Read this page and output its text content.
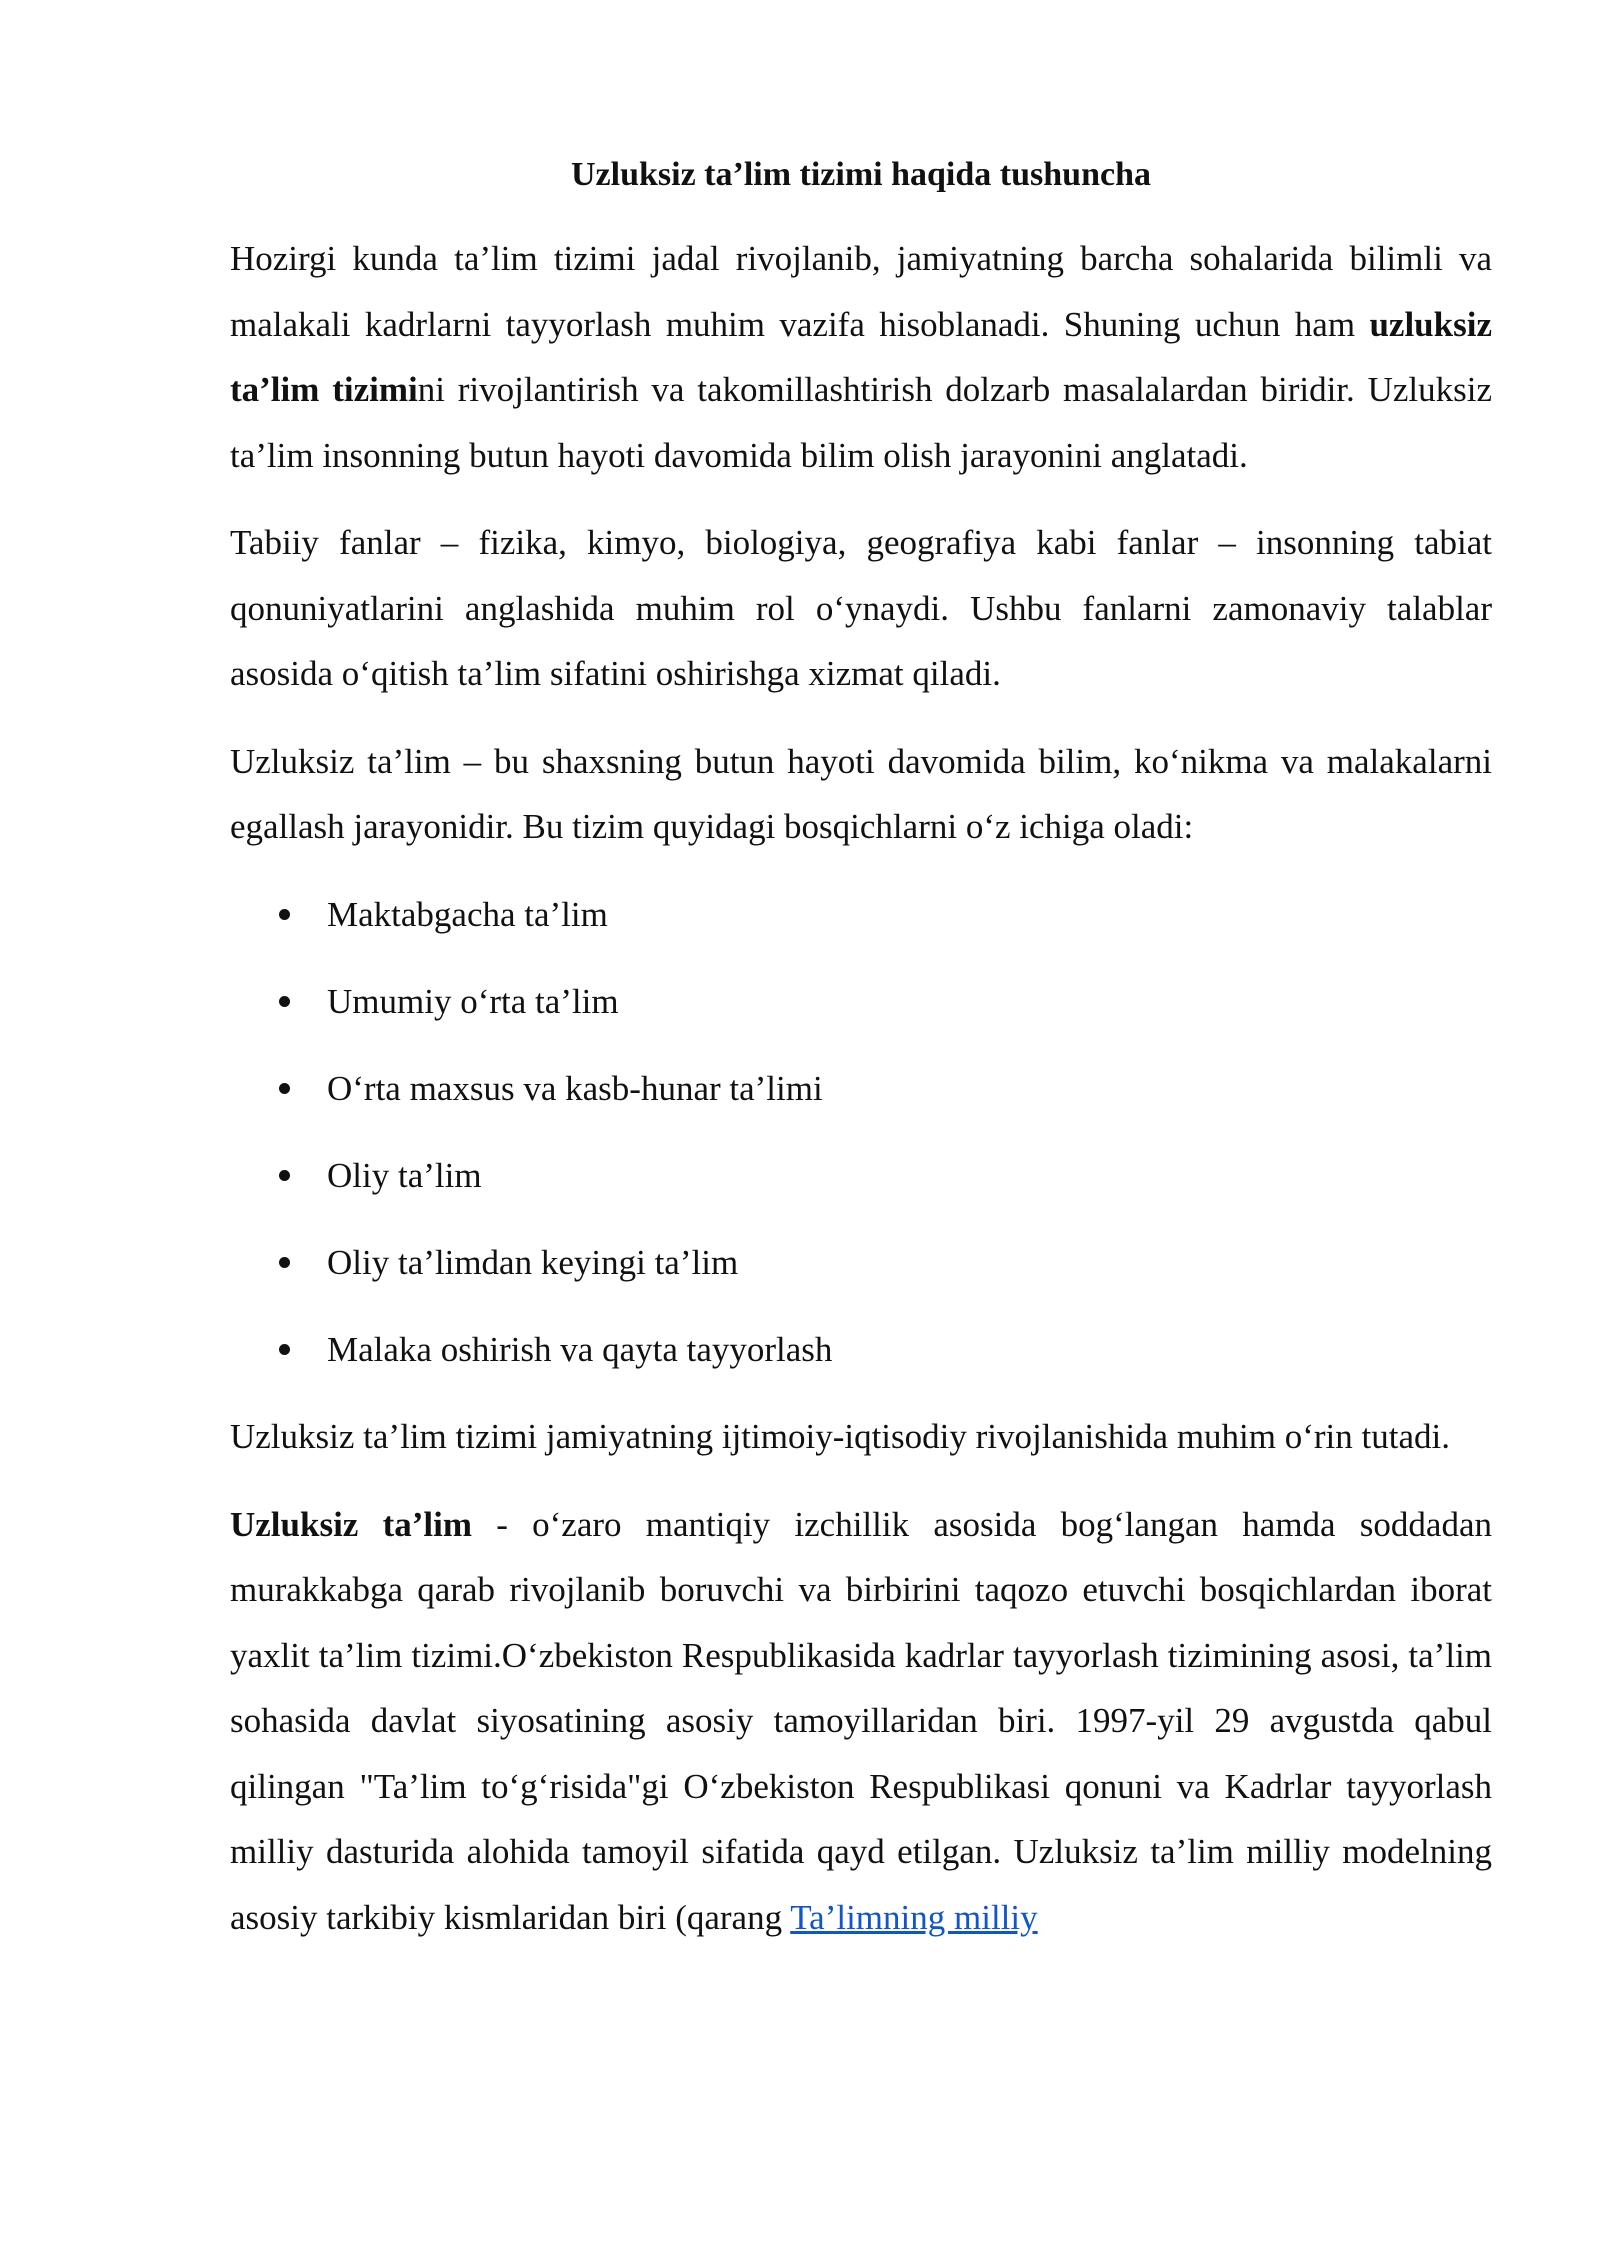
Uzluksiz ta’lim tizimi haqida tushuncha

Hozirgi kunda ta’lim tizimi jadal rivojlanib, jamiyatning barcha sohalarida bilimli va malakali kadrlarni tayyorlash muhim vazifa hisoblanadi. Shuning uchun ham uzluksiz ta’lim tizimini rivojlantirish va takomillashtirish dolzarb masalalardan biridir. Uzluksiz ta’lim insonning butun hayoti davomida bilim olish jarayonini anglatadi.

Tabiiy fanlar – fizika, kimyo, biologiya, geografiya kabi fanlar – insonning tabiat qonuniyatlarini anglashida muhim rol o‘ynaydi. Ushbu fanlarni zamonaviy talablar asosida o‘qitish ta’lim sifatini oshirishga xizmat qiladi.

Uzluksiz ta’lim – bu shaxsning butun hayoti davomida bilim, ko‘nikma va malakalarni egallash jarayonidir. Bu tizim quyidagi bosqichlarni o‘z ichiga oladi:

Maktabgacha ta’lim
Umumiy o‘rta ta’lim
O‘rta maxsus va kasb-hunar ta’limi
Oliy ta’lim
Oliy ta’limdan keyingi ta’lim
Malaka oshirish va qayta tayyorlash

Uzluksiz ta’lim tizimi jamiyatning ijtimoiy-iqtisodiy rivojlanishida muhim o‘rin tutadi.

Uzluksiz ta’lim - o‘zaro mantiqiy izchillik asosida bog‘langan hamda soddadan murakkabga qarab rivojlanib boruvchi va birbirini taqozo etuvchi bosqichlardan iborat yaxlit ta’lim tizimi.O‘zbekiston Respublikasida kadrlar tayyorlash tizimining asosi, ta’lim sohasida davlat siyosatining asosiy tamoyillaridan biri. 1997-yil 29 avgustda qabul qilingan "Ta’lim to‘g‘risida"gi O‘zbekiston Respublikasi qonuni va Kadrlar tayyorlash milliy dasturida alohida tamoyil sifatida qayd etilgan. Uzluksiz ta’lim milliy modelning asosiy tarkibiy kismlaridan biri (qarang Ta’limning milliy
